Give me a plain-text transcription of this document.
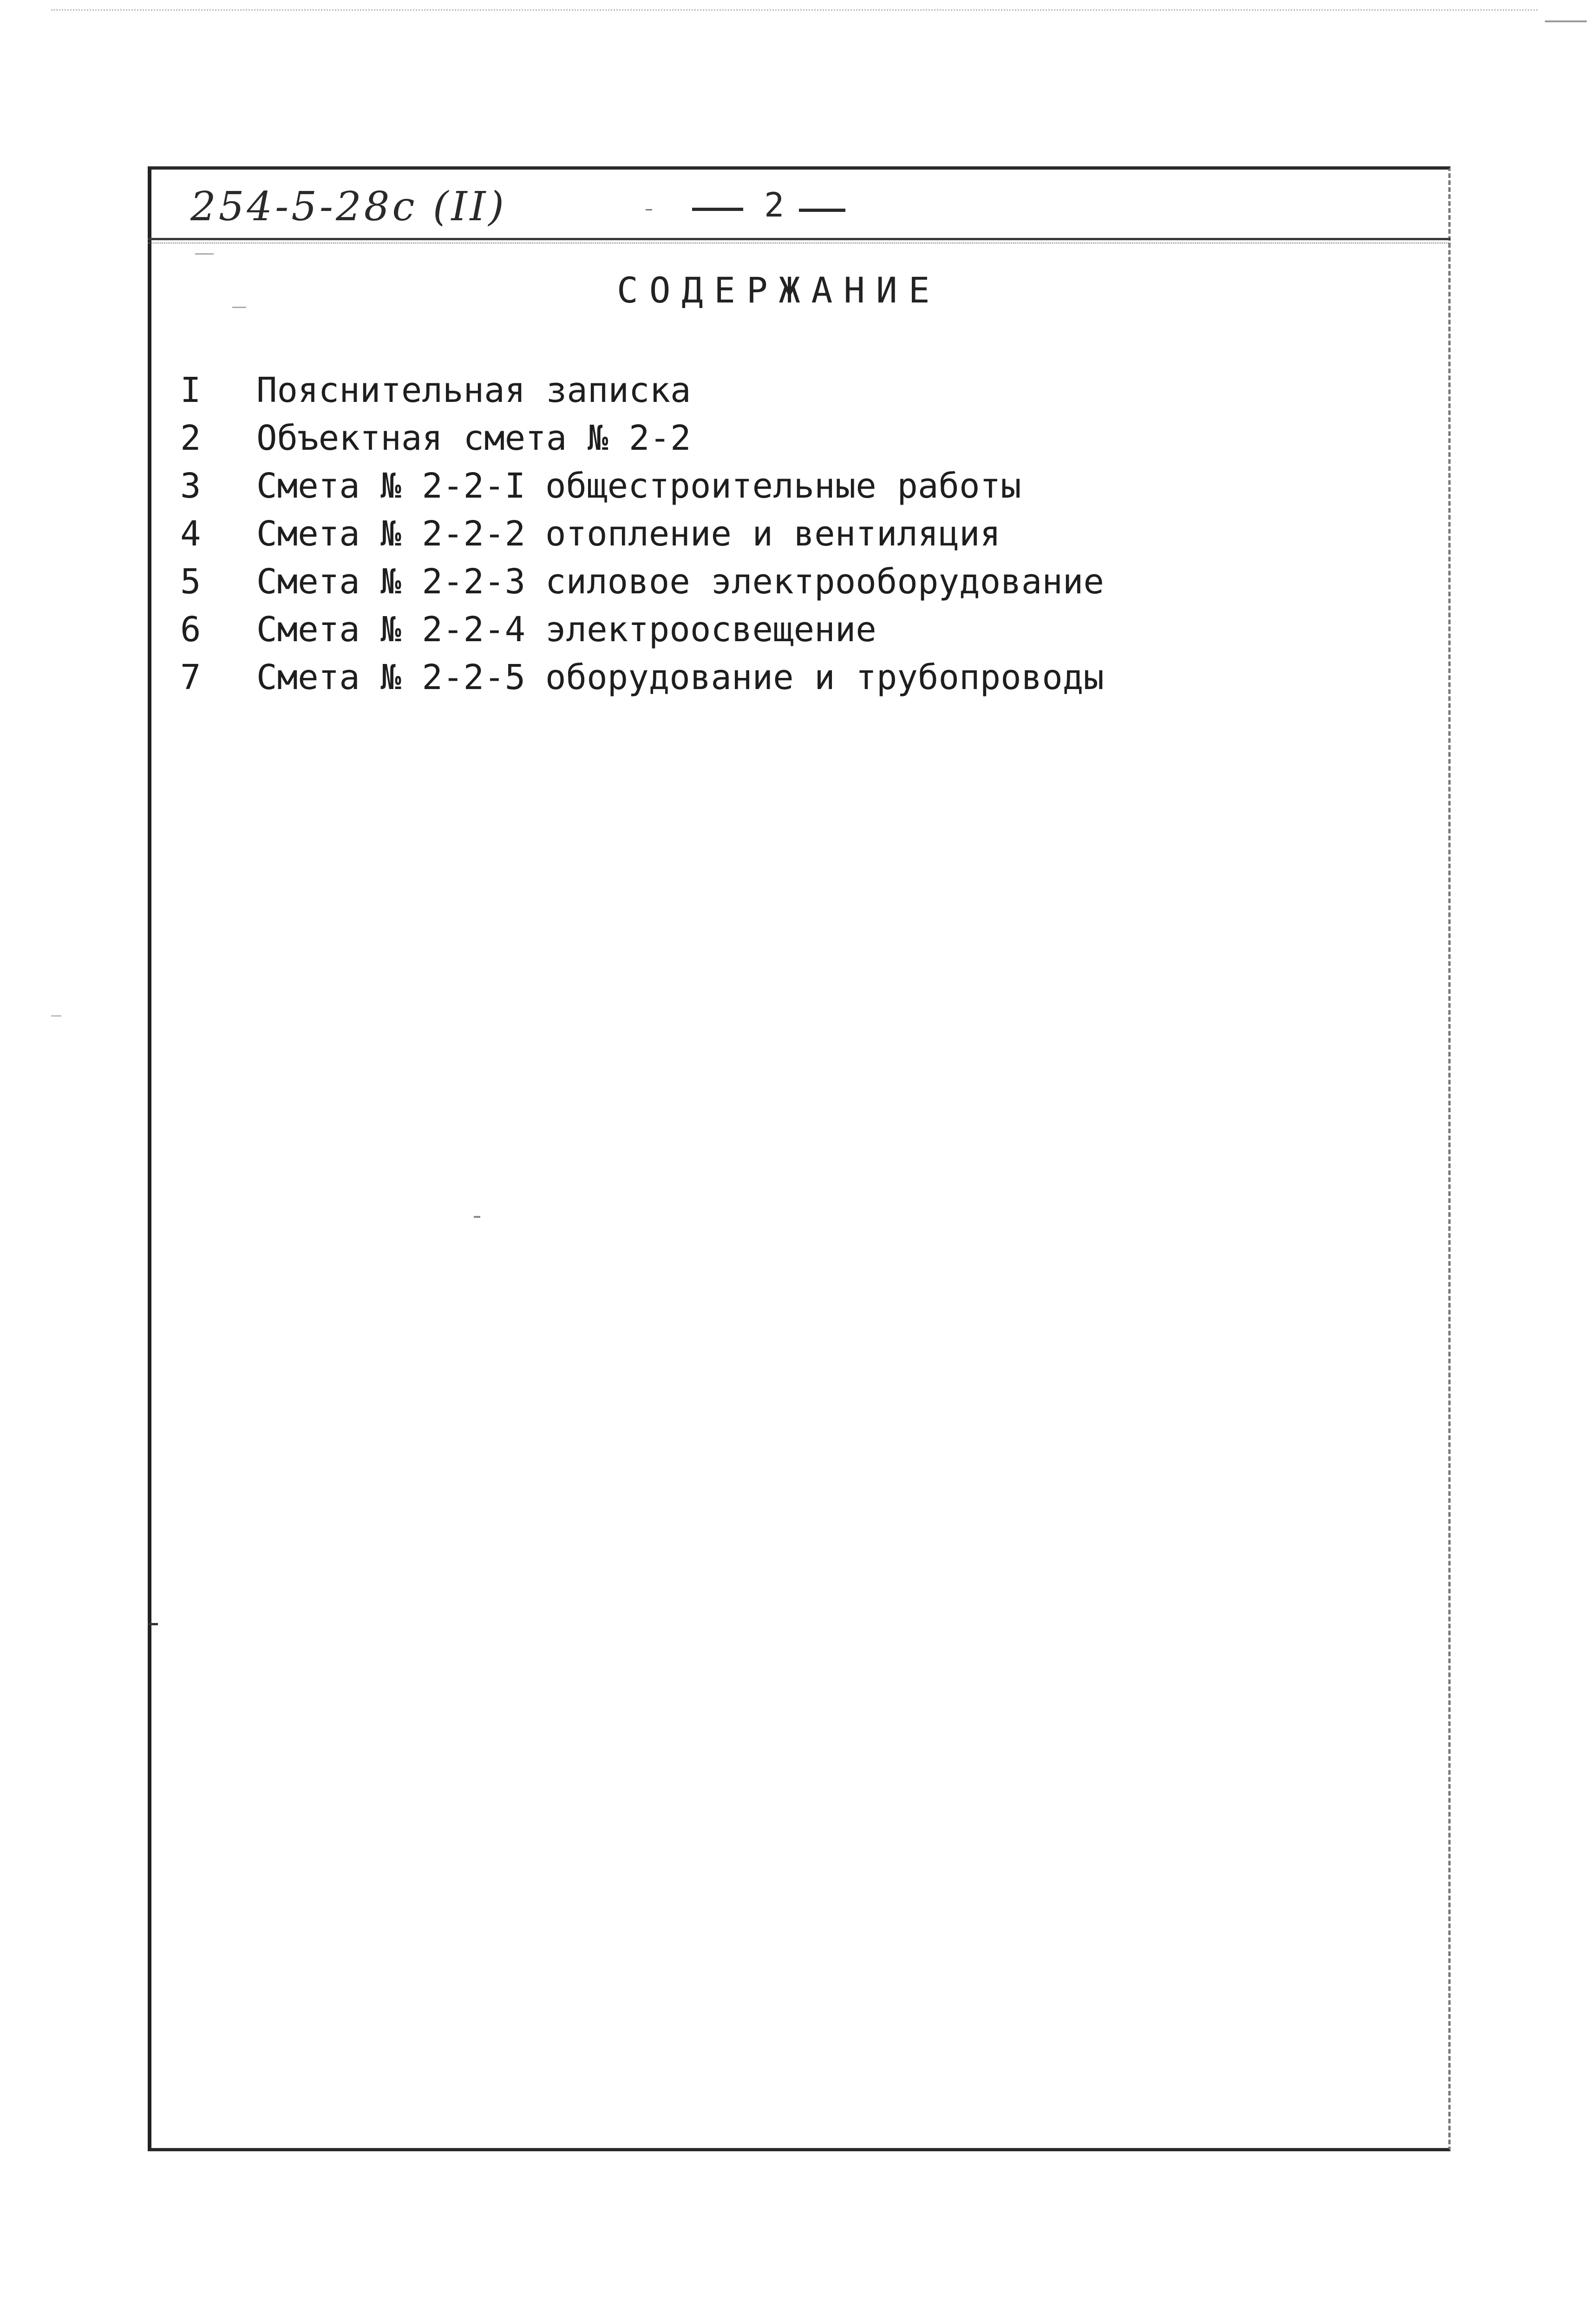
254-5-28с (II)	2
СОДЕРЖАНИЕ
I Пояснительная записка
2 Объектная смета № 2-2
3 Смета № 2-2-I общестроительные работы
4 Смета № 2-2-2 отопление и вентиляция
5 Смета № 2-2-3 силовое электрооборудование
6 Смета № 2-2-4 электроосвещение
7 Смета № 2-2-5 оборудование и трубопроводы
